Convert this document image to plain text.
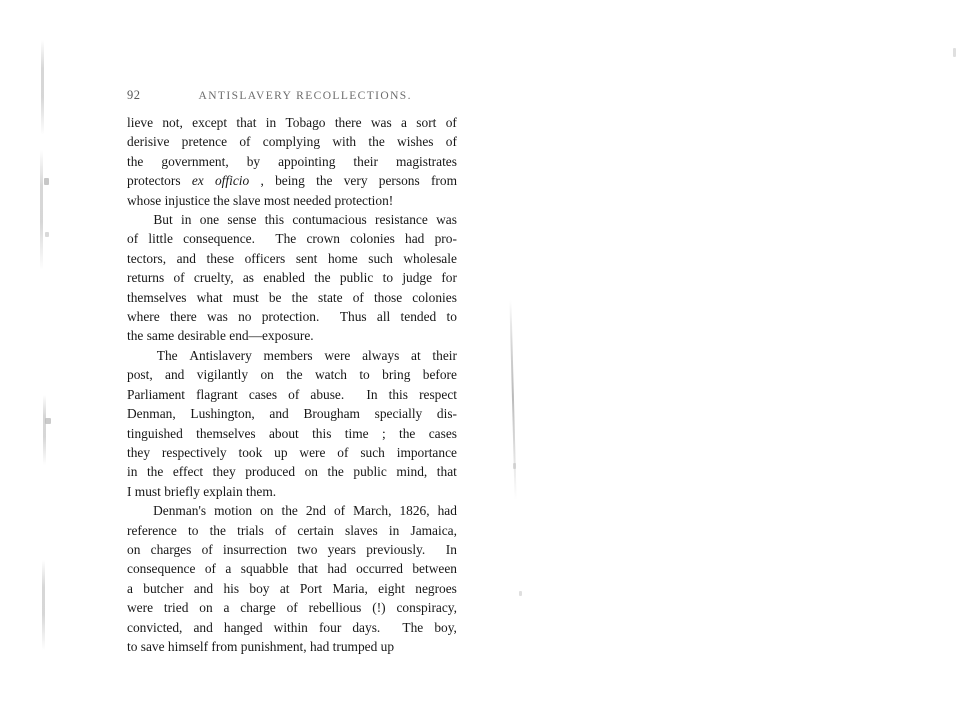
92	ANTISLAVERY RECOLLECTIONS.

lieve not, except that in Tobago there was a sort of
derisive pretence of complying with the wishes of
the government, by appointing their magistrates
protectors ex officio , being the very persons from
whose injustice the slave most needed protection!

But in one sense this contumacious resistance was
of little consequence. The crown colonies had pro-
tectors, and these officers sent home such wholesale
returns of cruelty, as enabled the public to judge for
themselves what must be the state of those colonies
where there was no protection. Thus all tended to
the same desirable end—exposure.

The Antislavery members were always at their
post, and vigilantly on the watch to bring before
Parliament flagrant cases of abuse. In this respect
Denman, Lushington, and Brougham specially dis-
tinguished themselves about this time ; the cases
they respectively took up were of such importance
in the effect they produced on the public mind, that
I must briefly explain them.

Denman's motion on the 2nd of March, 1826, had
reference to the trials of certain slaves in Jamaica,
on charges of insurrection two years previously. In
consequence of a squabble that had occurred between
a butcher and his boy at Port Maria, eight negroes
were tried on a charge of rebellious (!) conspiracy,
convicted, and hanged within four days. The boy,
to save himself from punishment, had trumped up
